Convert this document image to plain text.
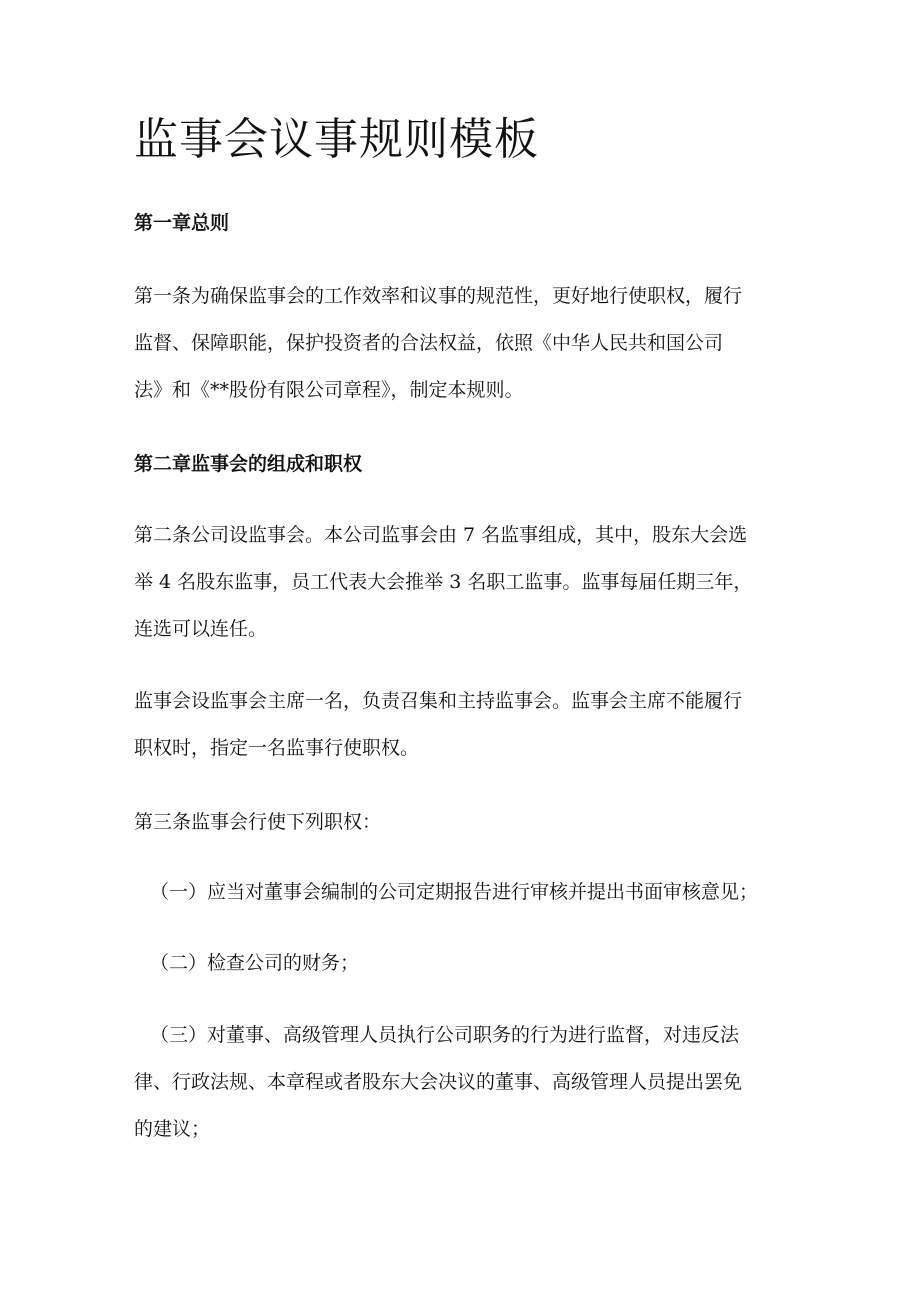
监事会议事规则模板
第一章总则

第一条为确保监事会的工作效率和议事的规范性，更好地行使职权，履行
监督、保障职能，保护投资者的合法权益，依照《中华人民共和国公司
法》和《**股份有限公司章程》，制定本规则。

第二章监事会的组成和职权

第二条公司设监事会。本公司监事会由 7 名监事组成，其中，股东大会选
举 4 名股东监事，员工代表大会推举 3 名职工监事。监事每届任期三年，
连选可以连任。

监事会设监事会主席一名，负责召集和主持监事会。监事会主席不能履行
职权时，指定一名监事行使职权。

第三条监事会行使下列职权：

（一）应当对董事会编制的公司定期报告进行审核并提出书面审核意见；

（二）检查公司的财务；

（三）对董事、高级管理人员执行公司职务的行为进行监督，对违反法
律、行政法规、本章程或者股东大会决议的董事、高级管理人员提出罢免
的建议；
